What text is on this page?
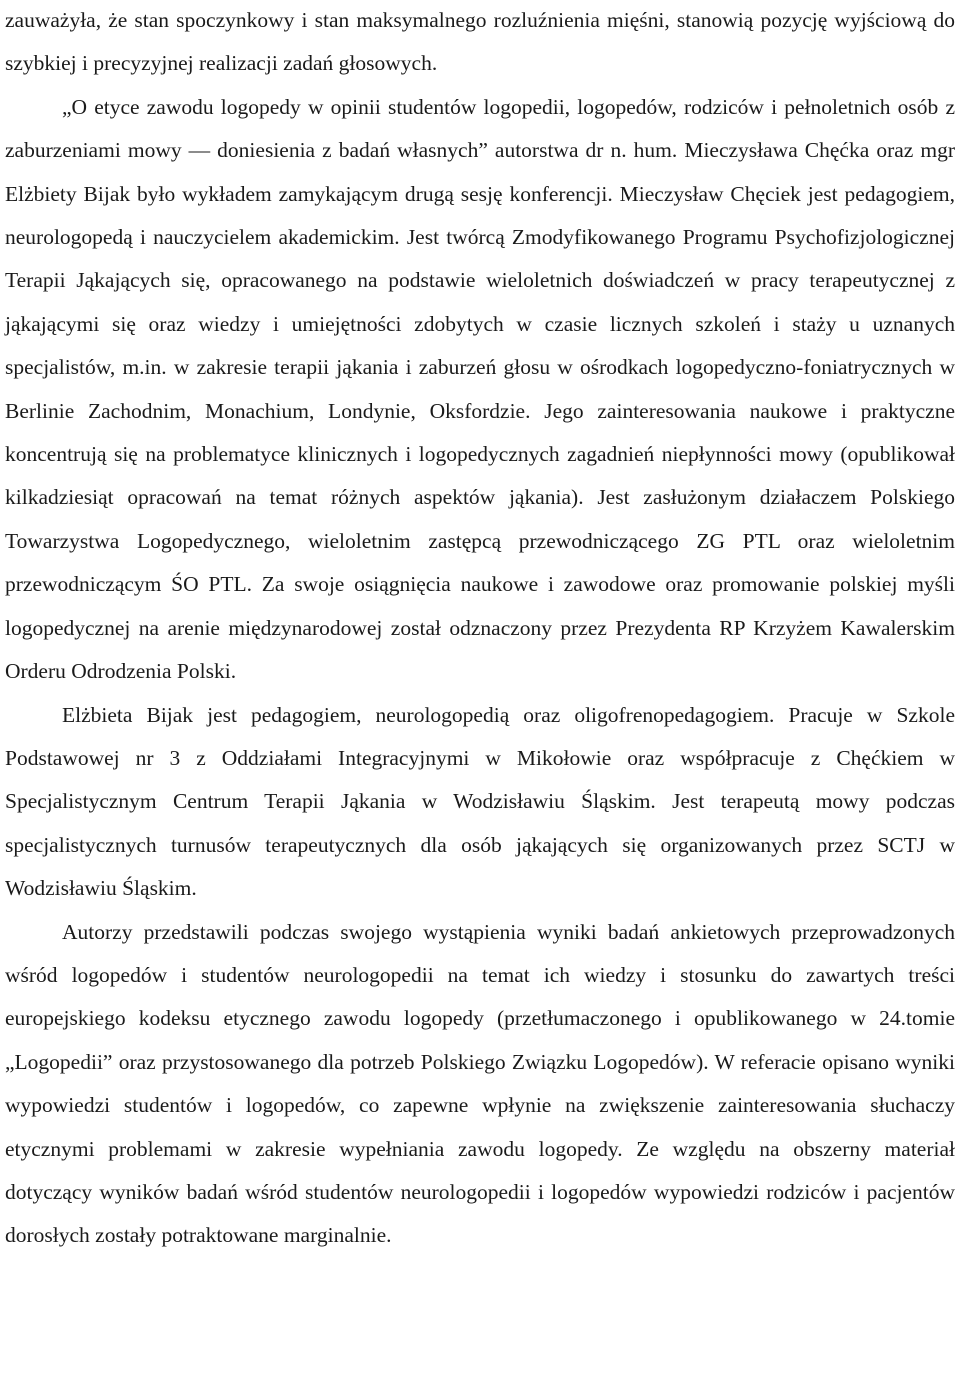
zauważyła, że stan spoczynkowy i stan maksymalnego rozluźnienia mięśni, stanowią pozycję wyjściową do szybkiej i precyzyjnej realizacji zadań głosowych.

„O etyce zawodu logopedy w opinii studentów logopedii, logopedów, rodziców i pełnoletnich osób z zaburzeniami mowy — doniesienia z badań własnych” autorstwa dr n. hum. Mieczysława Chęćka oraz mgr Elżbiety Bijak było wykładem zamykającym drugą sesję konferencji. Mieczysław Chęciek jest pedagogiem, neurologopedą i nauczycielem akademickim. Jest twórcą Zmodyfikowanego Programu Psychofizjologicznej Terapii Jąkających się, opracowanego na podstawie wieloletnich doświadczeń w pracy terapeutycznej z jąkającymi się oraz wiedzy i umiejętności zdobytych w czasie licznych szkoleń i staży u uznanych specjalistów, m.in. w zakresie terapii jąkania i zaburzeń głosu w ośrodkach logopedyczno-foniatrycznych w Berlinie Zachodnim, Monachium, Londynie, Oksfordzie. Jego zainteresowania naukowe i praktyczne koncentrują się na problematyce klinicznych i logopedycznych zagadnień niepłynności mowy (opublikował kilkadziesiąt opracowań na temat różnych aspektów jąkania). Jest zasłużonym działaczem Polskiego Towarzystwa Logopedycznego, wieloletnim zastępcą przewodniczącego ZG PTL oraz wieloletnim przewodniczącym ŚO PTL. Za swoje osiągnięcia naukowe i zawodowe oraz promowanie polskiej myśli logopedycznej na arenie międzynarodowej został odznaczony przez Prezydenta RP Krzyżem Kawalerskim Orderu Odrodzenia Polski.

Elżbieta Bijak jest pedagogiem, neurologopedią oraz oligofrenopedagogiem. Pracuje w Szkole Podstawowej nr 3 z Oddziałami Integracyjnymi w Mikołowie oraz współpracuje z Chęćkiem w Specjalistycznym Centrum Terapii Jąkania w Wodzisławiu Śląskim. Jest terapeutą mowy podczas specjalistycznych turnusów terapeutycznych dla osób jąkających się organizowanych przez SCTJ w Wodzisławiu Śląskim.

Autorzy przedstawili podczas swojego wystąpienia wyniki badań ankietowych przeprowadzonych wśród logopedów i studentów neurologopedii na temat ich wiedzy i stosunku do zawartych treści europejskiego kodeksu etycznego zawodu logopedy (przetłumaczonego i opublikowanego w 24.tomie „Logopedii” oraz przystosowanego dla potrzeb Polskiego Związku Logopedów). W referacie opisano wyniki wypowiedzi studentów i logopedów, co zapewne wpłynie na zwiększenie zainteresowania słuchaczy etycznymi problemami w zakresie wypełniania zawodu logopedy. Ze względu na obszerny materiał dotyczący wyników badań wśród studentów neurologopedii i logopedów wypowiedzi rodziców i pacjentów dorosłych zostały potraktowane marginalnie.
